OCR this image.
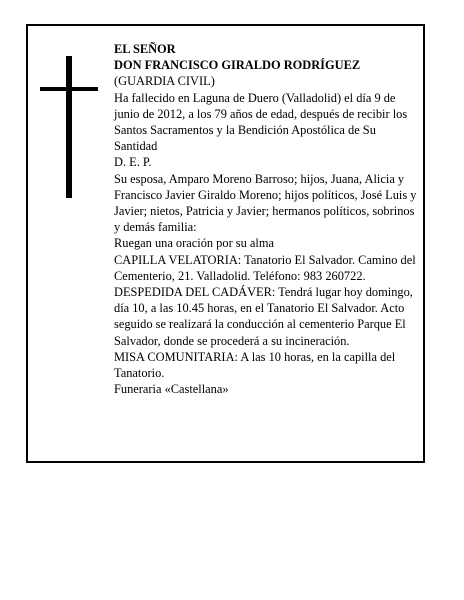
EL SEÑOR

DON FRANCISCO GIRALDO RODRÍGUEZ

(GUARDIA CIVIL)

Ha fallecido en Laguna de Duero (Valladolid) el día 9 de junio de 2012, a los 79 años de edad, después de recibir los Santos Sacramentos y la Bendición Apostólica de Su Santidad

D. E. P.

Su esposa, Amparo Moreno Barroso; hijos, Juana, Alicia y Francisco Javier Giraldo Moreno; hijos políticos, José Luis y Javier; nietos, Patricia y Javier; hermanos políticos, sobrinos y demás familia:

Ruegan una oración por su alma

CAPILLA VELATORIA: Tanatorio El Salvador. Camino del Cementerio, 21. Valladolid. Teléfono: 983 260722.

DESPEDIDA DEL CADÁVER: Tendrá lugar hoy domingo, día 10, a las 10.45 horas, en el Tanatorio El Salvador. Acto seguido se realizará la conducción al cementerio Parque El Salvador, donde se procederá a su incineración.

MISA COMUNITARIA: A las 10 horas, en la capilla del Tanatorio.

Funeraria «Castellana»
